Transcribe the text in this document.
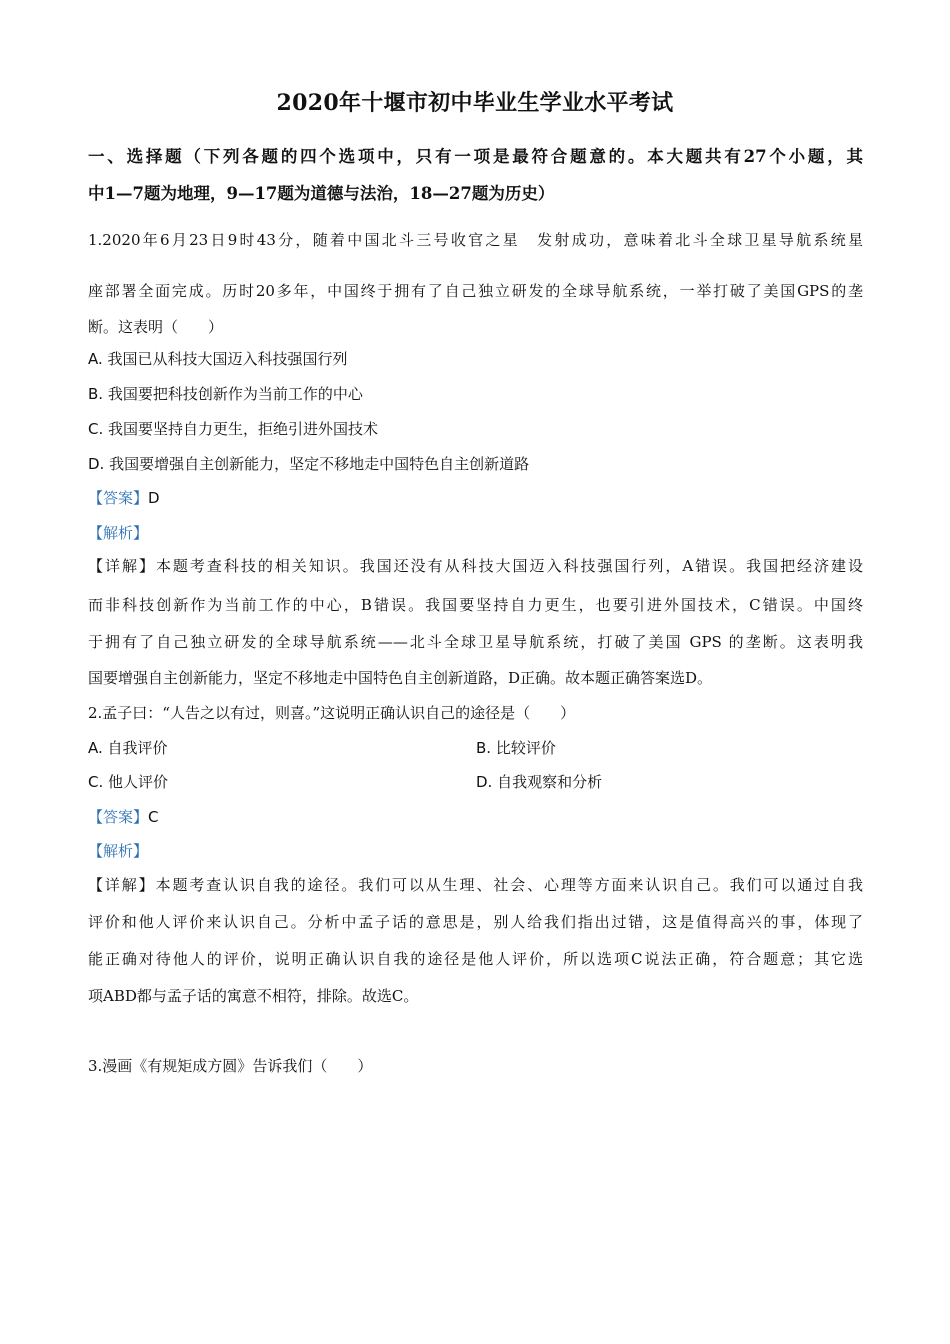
2020年十堰市初中毕业生学业水平考试
一、选择题（下列各题的四个选项中，只有一项是最符合题意的。本大题共有27个小题，其
中1—7题为地理，9—17题为道德与法治，18—27题为历史）
1.2020年6月23日9时43分，随着中国北斗三号收官之星　发射成功，意味着北斗全球卫星导航系统星
座部署全面完成。历时20多年，中国终于拥有了自己独立研发的全球导航系统，一举打破了美国GPS的垄
断。这表明（　　）
A. 我国已从科技大国迈入科技强国行列
B. 我国要把科技创新作为当前工作的中心
C. 我国要坚持自力更生，拒绝引进外国技术
D. 我国要增强自主创新能力，坚定不移地走中国特色自主创新道路
【答案】D
【解析】
【详解】本题考查科技的相关知识。我国还没有从科技大国迈入科技强国行列，A错误。我国把经济建设
而非科技创新作为当前工作的中心，B错误。我国要坚持自力更生，也要引进外国技术，C错误。中国终
于拥有了自己独立研发的全球导航系统——北斗全球卫星导航系统，打破了美国 GPS 的垄断。这表明我
国要增强自主创新能力，坚定不移地走中国特色自主创新道路，D正确。故本题正确答案选D。
2.孟子曰：“人告之以有过，则喜。”这说明正确认识自己的途径是（　　）
A. 自我评价	B. 比较评价
C. 他人评价	D. 自我观察和分析
【答案】C
【解析】
【详解】本题考查认识自我的途径。我们可以从生理、社会、心理等方面来认识自己。我们可以通过自我
评价和他人评价来认识自己。分析中孟子话的意思是，别人给我们指出过错，这是值得高兴的事，体现了
能正确对待他人的评价，说明正确认识自我的途径是他人评价，所以选项C说法正确，符合题意；其它选
项ABD都与孟子话的寓意不相符，排除。故选C。
3.漫画《有规矩成方圆》告诉我们（　　）
